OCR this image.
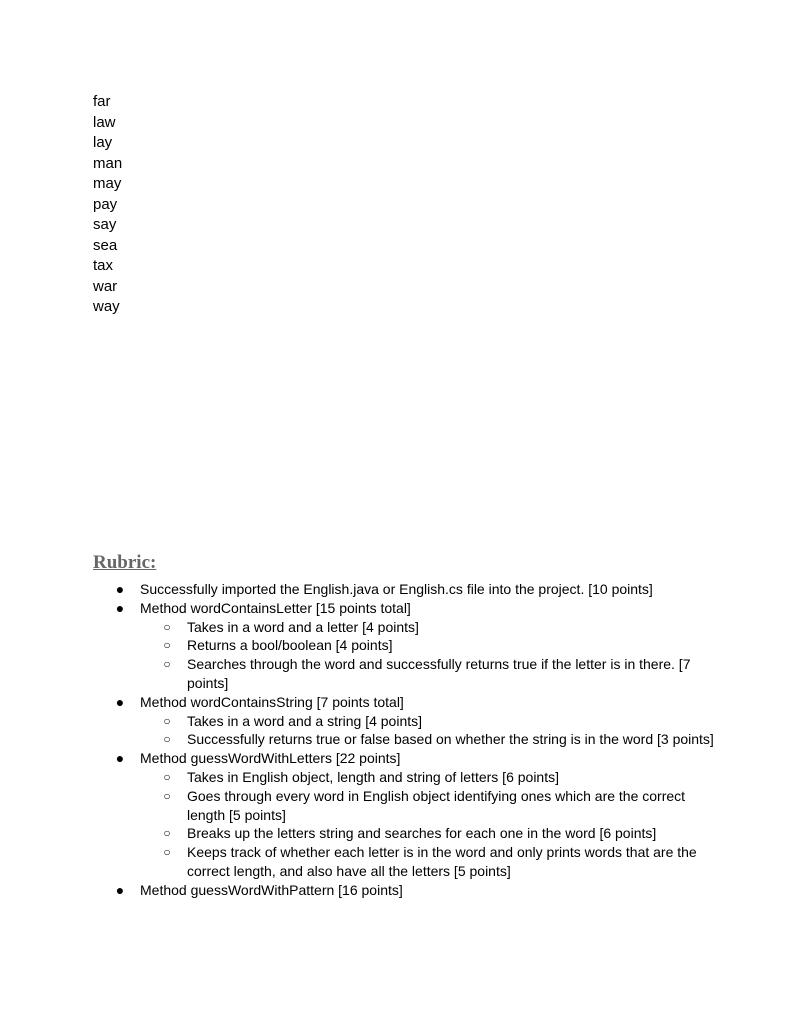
far
law
lay
man
may
pay
say
sea
tax
war
way
Rubric:
● Successfully imported the English.java or English.cs file into the project. [10 points]
● Method wordContainsLetter [15 points total]
○ Takes in a word and a letter [4 points]
○ Returns a bool/boolean [4 points]
○ Searches through the word and successfully returns true if the letter is in there. [7 points]
● Method wordContainsString [7 points total]
○ Takes in a word and a string [4 points]
○ Successfully returns true or false based on whether the string is in the word [3 points]
● Method guessWordWithLetters [22 points]
○ Takes in English object, length and string of letters [6 points]
○ Goes through every word in English object identifying ones which are the correct length [5 points]
○ Breaks up the letters string and searches for each one in the word [6 points]
○ Keeps track of whether each letter is in the word and only prints words that are the correct length, and also have all the letters [5 points]
● Method guessWordWithPattern [16 points]
